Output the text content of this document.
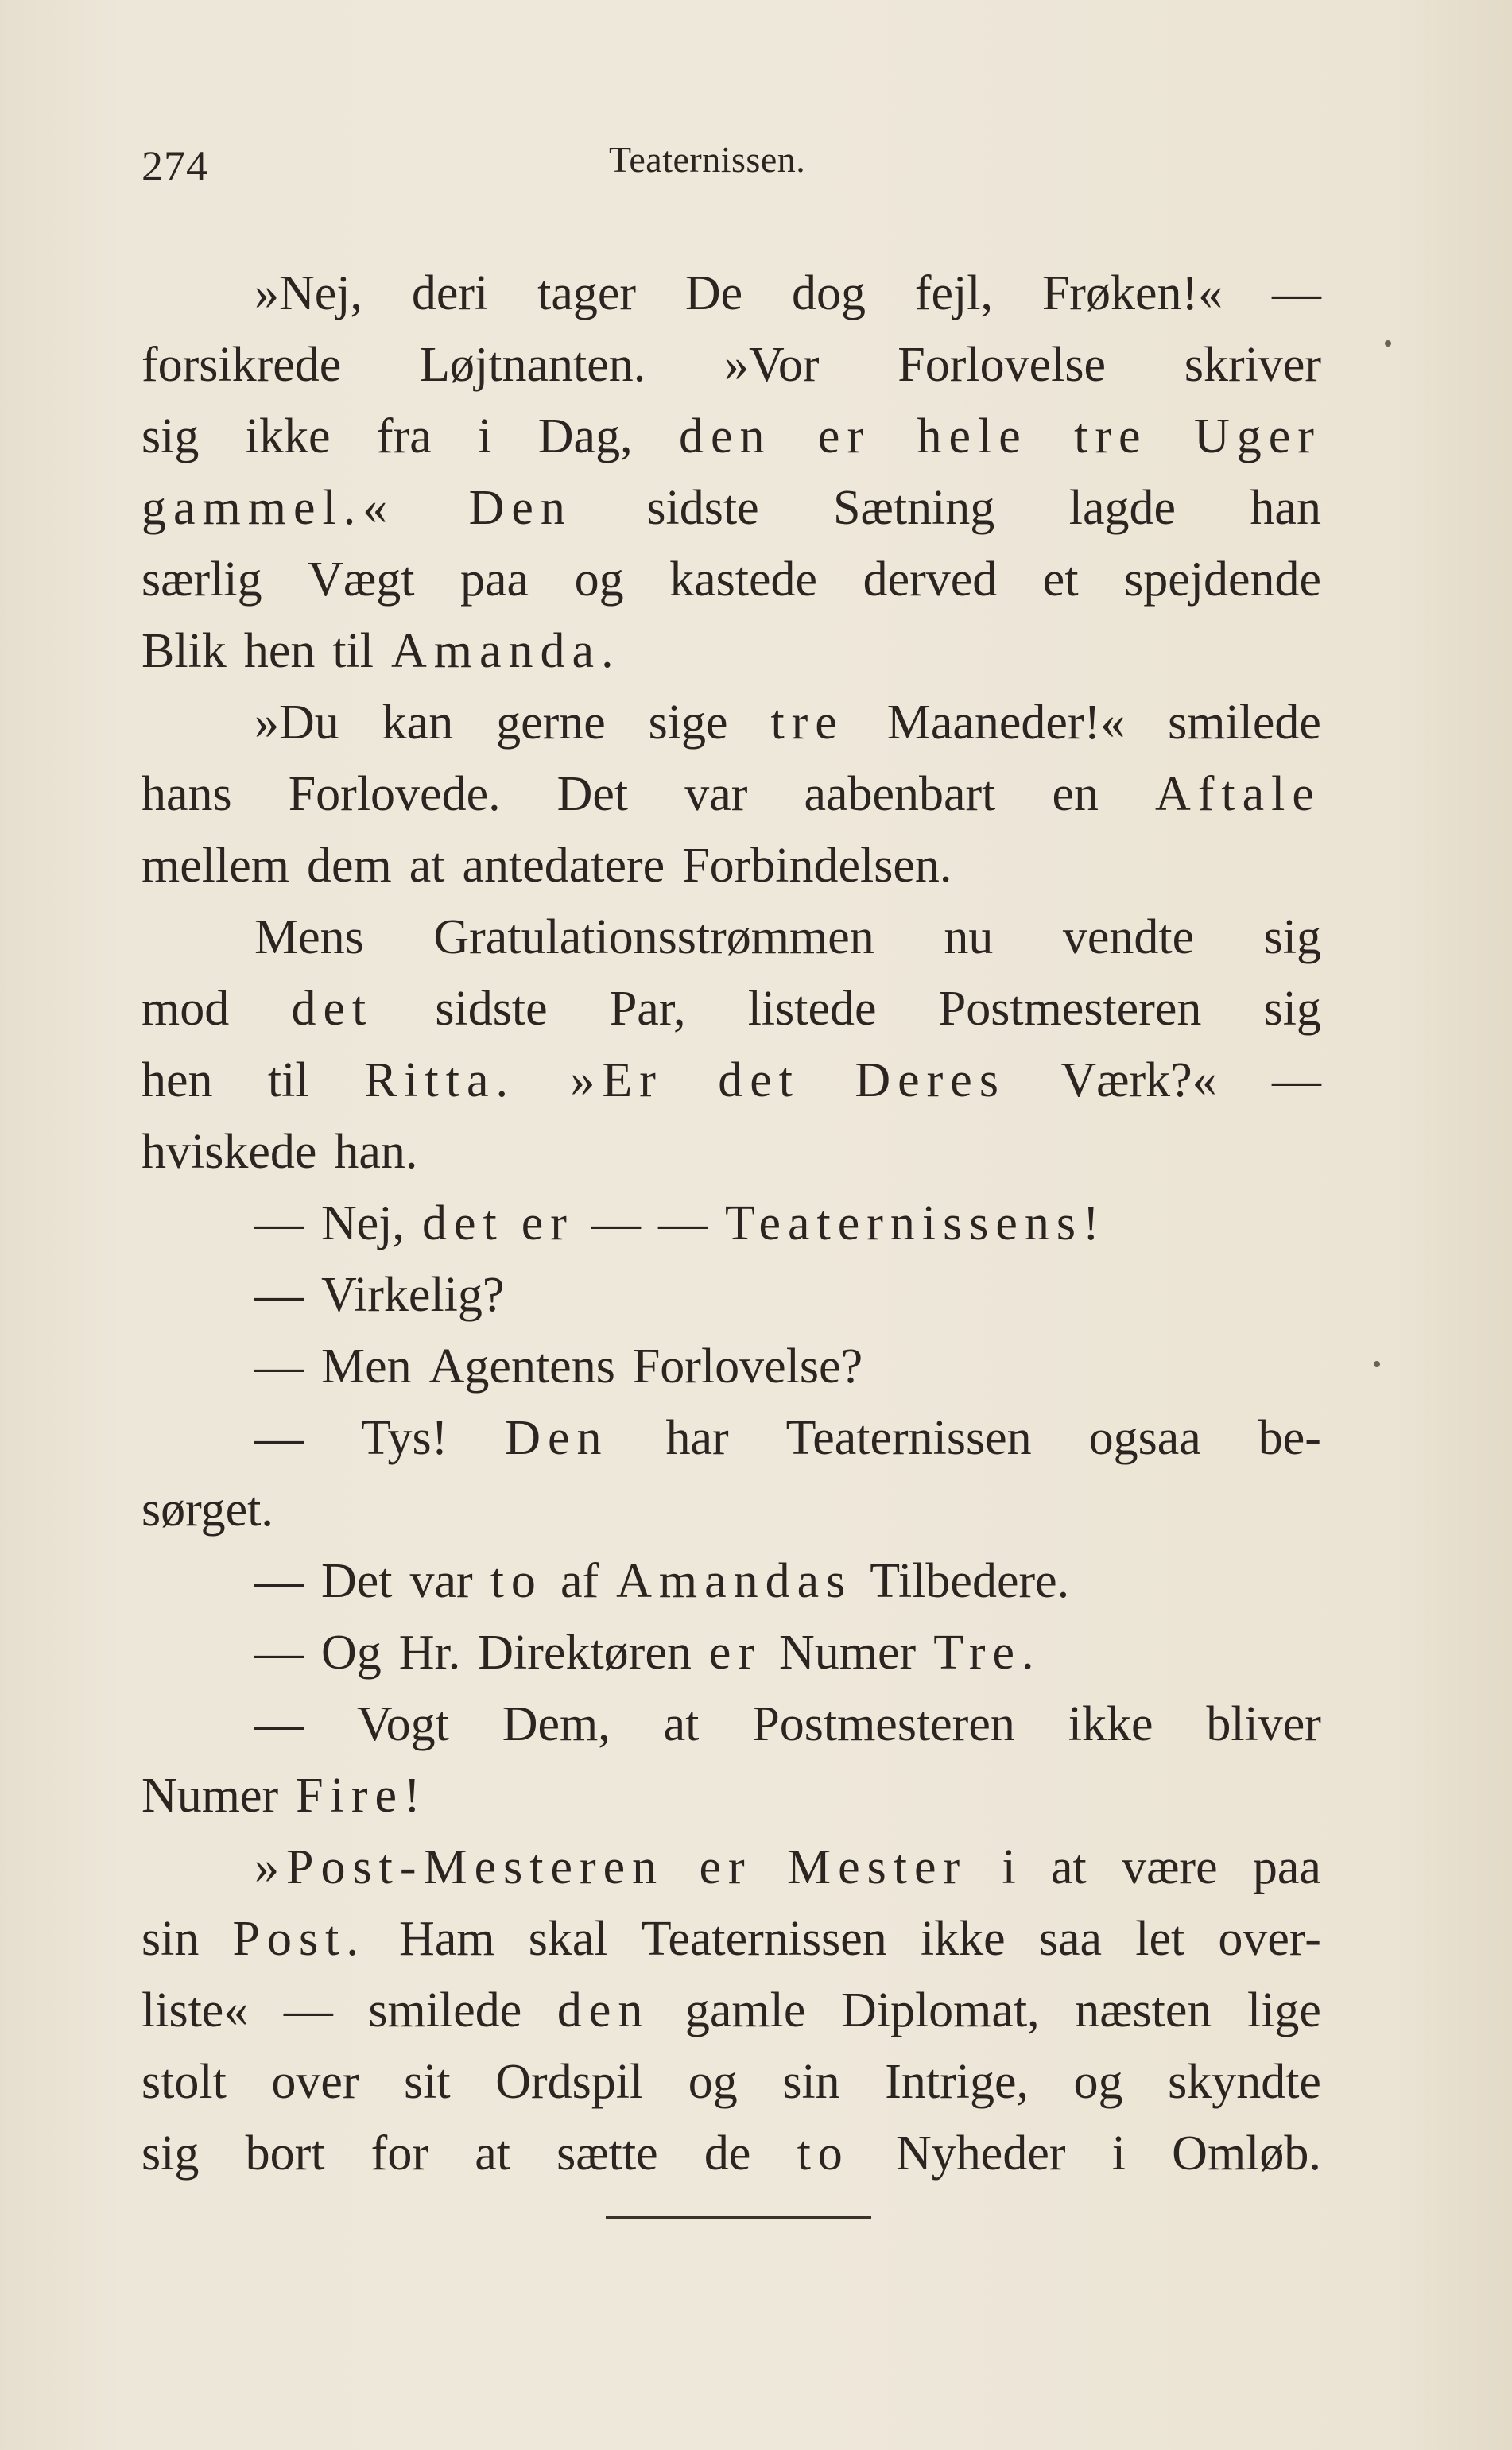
274	Teaternissen.
»Nej, deri tager De dog fejl, Frøken!« —
forsikrede Løjtnanten. »Vor Forlovelse skriver
sig ikke fra i Dag, den er hele tre Uger
gammel.« Den sidste Sætning lagde han
særlig Vægt paa og kastede derved et spejdende
Blik hen til Amanda.
»Du kan gerne sige tre Maaneder!« smilede
hans Forlovede. Det var aabenbart en Aftale
mellem dem at antedatere Forbindelsen.
Mens Gratulationsstrømmen nu vendte sig
mod det sidste Par, listede Postmesteren sig
hen til Ritta. »Er det Deres Værk?« —
hviskede han.
— Nej, det er — — Teaternissens!
— Virkelig?
— Men Agentens Forlovelse?
— Tys! Den har Teaternissen ogsaa be-
sørget.
— Det var to af Amandas Tilbedere.
— Og Hr. Direktøren er Numer Tre.
— Vogt Dem, at Postmesteren ikke bliver
Numer Fire!
»Post-Mesteren er Mester i at være paa
sin Post. Ham skal Teaternissen ikke saa let over-
liste« — smilede den gamle Diplomat, næsten lige
stolt over sit Ordspil og sin Intrige, og skyndte
sig bort for at sætte de to Nyheder i Omløb.
